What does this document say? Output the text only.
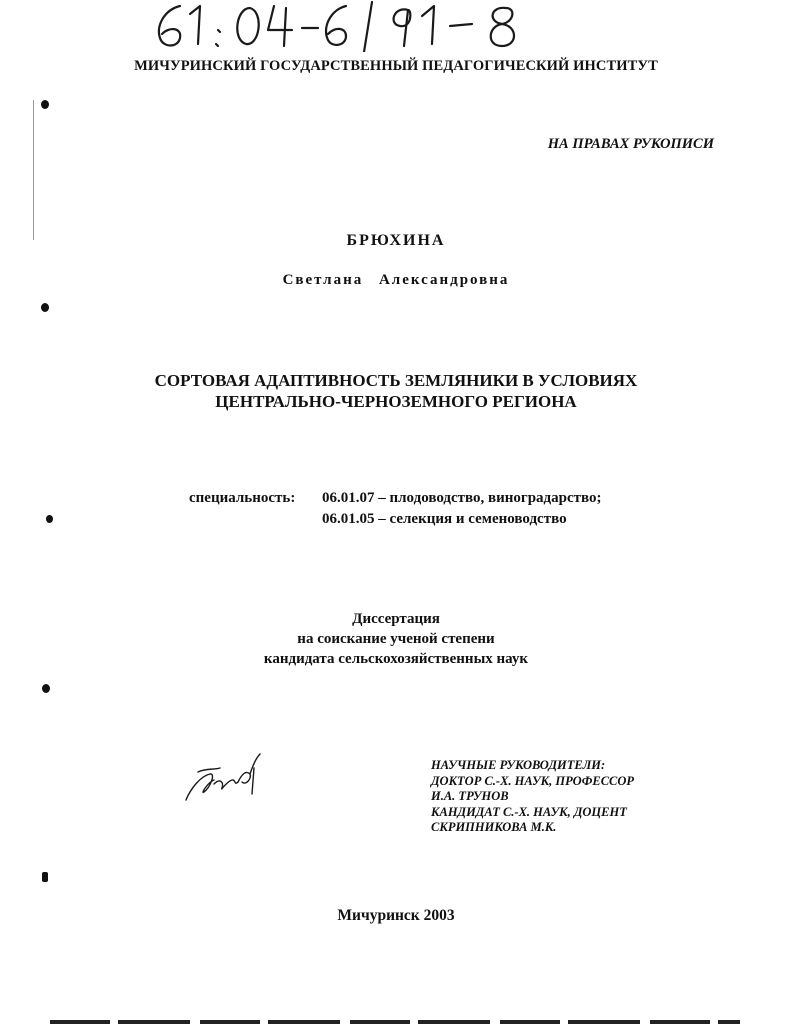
МИЧУРИНСКИЙ ГОСУДАРСТВЕННЫЙ ПЕДАГОГИЧЕСКИЙ ИНСТИТУТ
НА ПРАВАХ РУКОПИСИ
БРЮХИНА
Светлана Александровна
СОРТОВАЯ АДАПТИВНОСТЬ ЗЕМЛЯНИКИ В УСЛОВИЯХ
ЦЕНТРАЛЬНО-ЧЕРНОЗЕМНОГО РЕГИОНА
специальность: 06.01.07 – плодоводство, виноградарство;
06.01.05 – селекция и семеноводство
Диссертация
на соискание ученой степени
кандидата сельскохозяйственных наук
НАУЧНЫЕ РУКОВОДИТЕЛИ:
ДОКТОР С.-Х. НАУК, ПРОФЕССОР
И.А. ТРУНОВ
КАНДИДАТ С.-Х. НАУК, ДОЦЕНТ
СКРИПНИКОВА М.К.
Мичуринск 2003
